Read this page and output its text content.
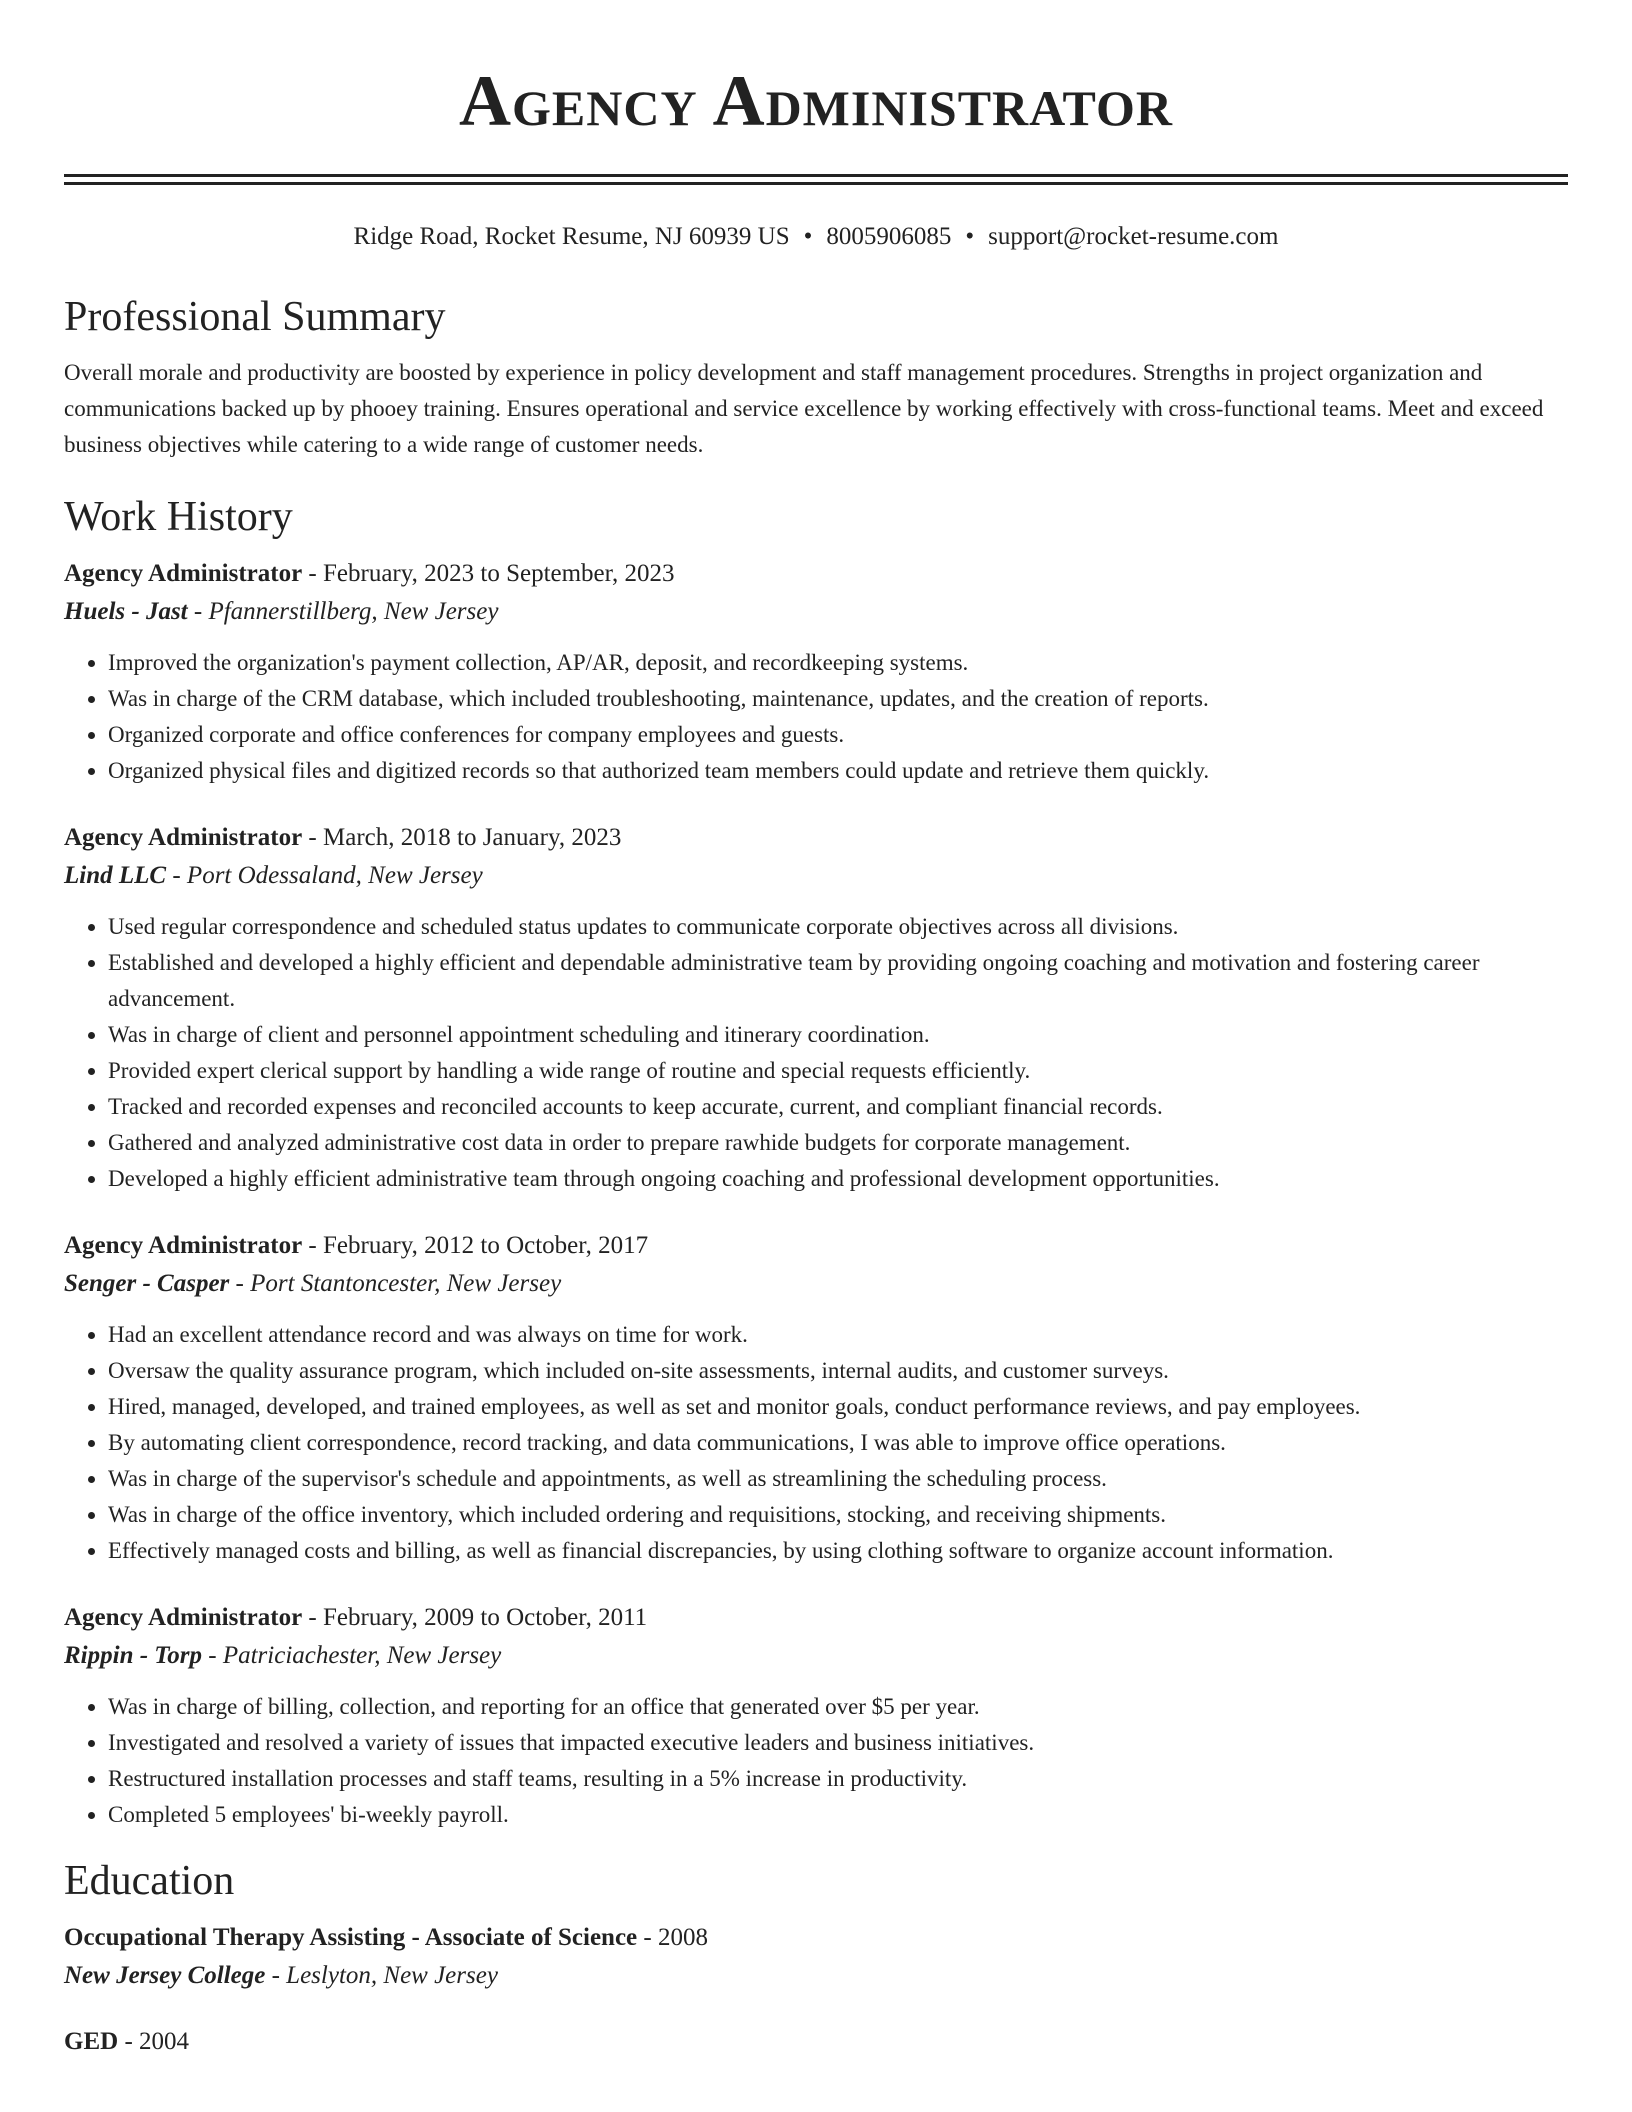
Agency Administrator
Ridge Road, Rocket Resume, NJ 60939 US • 8005906085 • support@rocket-resume.com
Professional Summary
Overall morale and productivity are boosted by experience in policy development and staff management procedures. Strengths in project organization and communications backed up by phooey training. Ensures operational and service excellence by working effectively with cross-functional teams. Meet and exceed business objectives while catering to a wide range of customer needs.
Work History
Agency Administrator - February, 2023 to September, 2023
Huels - Jast - Pfannerstillberg, New Jersey
• Improved the organization's payment collection, AP/AR, deposit, and recordkeeping systems.
• Was in charge of the CRM database, which included troubleshooting, maintenance, updates, and the creation of reports.
• Organized corporate and office conferences for company employees and guests.
• Organized physical files and digitized records so that authorized team members could update and retrieve them quickly.
Agency Administrator - March, 2018 to January, 2023
Lind LLC - Port Odessaland, New Jersey
• Used regular correspondence and scheduled status updates to communicate corporate objectives across all divisions.
• Established and developed a highly efficient and dependable administrative team by providing ongoing coaching and motivation and fostering career advancement.
• Was in charge of client and personnel appointment scheduling and itinerary coordination.
• Provided expert clerical support by handling a wide range of routine and special requests efficiently.
• Tracked and recorded expenses and reconciled accounts to keep accurate, current, and compliant financial records.
• Gathered and analyzed administrative cost data in order to prepare rawhide budgets for corporate management.
• Developed a highly efficient administrative team through ongoing coaching and professional development opportunities.
Agency Administrator - February, 2012 to October, 2017
Senger - Casper - Port Stantoncester, New Jersey
• Had an excellent attendance record and was always on time for work.
• Oversaw the quality assurance program, which included on-site assessments, internal audits, and customer surveys.
• Hired, managed, developed, and trained employees, as well as set and monitor goals, conduct performance reviews, and pay employees.
• By automating client correspondence, record tracking, and data communications, I was able to improve office operations.
• Was in charge of the supervisor's schedule and appointments, as well as streamlining the scheduling process.
• Was in charge of the office inventory, which included ordering and requisitions, stocking, and receiving shipments.
• Effectively managed costs and billing, as well as financial discrepancies, by using clothing software to organize account information.
Agency Administrator - February, 2009 to October, 2011
Rippin - Torp - Patriciachester, New Jersey
• Was in charge of billing, collection, and reporting for an office that generated over $5 per year.
• Investigated and resolved a variety of issues that impacted executive leaders and business initiatives.
• Restructured installation processes and staff teams, resulting in a 5% increase in productivity.
• Completed 5 employees' bi-weekly payroll.
Education
Occupational Therapy Assisting - Associate of Science - 2008
New Jersey College - Leslyton, New Jersey
GED - 2004
